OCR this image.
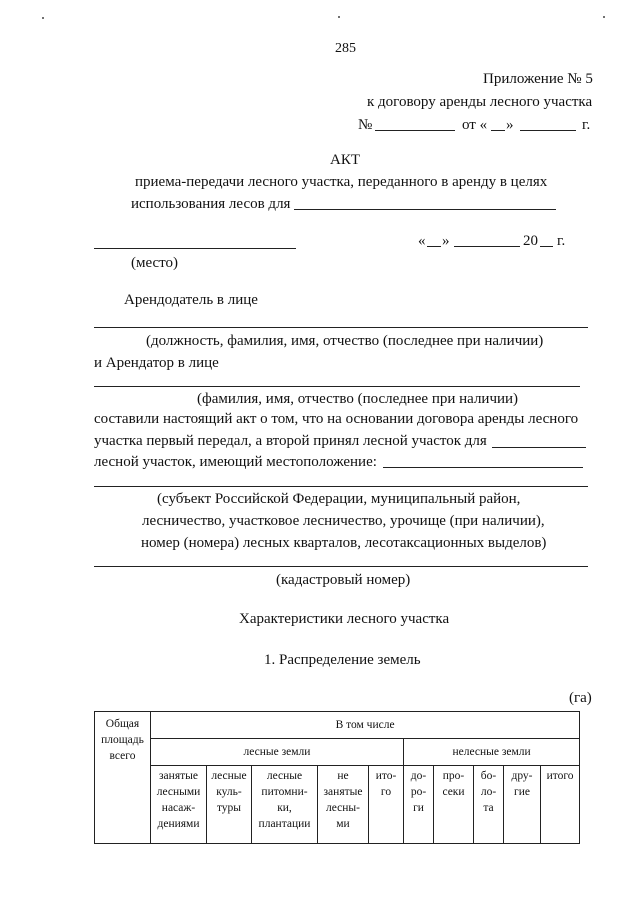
285
Приложение № 5
к договору аренды лесного участка
№	от « »	г.
АКТ
приема-передачи лесного участка, переданного в аренду в целях
использования лесов для
« »	20 г.
(место)
Арендодатель в лице
(должность, фамилия, имя, отчество (последнее при наличии)
и Арендатор в лице
(фамилия, имя, отчество (последнее при наличии)
составили настоящий акт о том, что на основании договора аренды лесного
участка первый передал, а второй принял лесной участок для
лесной участок, имеющий местоположение:
(субъект Российской Федерации, муниципальный район,
лесничество, участковое лесничество, урочище (при наличии),
номер (номера) лесных кварталов, лесотаксационных выделов)
(кадастровый номер)
Характеристики лесного участка
1. Распределение земель
(га)
Общая
площадь
всего	В том числе									
	лесные земли					нелесные земли				
	занятые
лесными
насаж-
дениями	лесные
куль-
туры	лесные
питомни-
ки,
плантации	не
занятые
лесны-
ми	ито-
го	до-
ро-
ги	про-
секи	бо-
ло-
та	дру-
гие	итого
